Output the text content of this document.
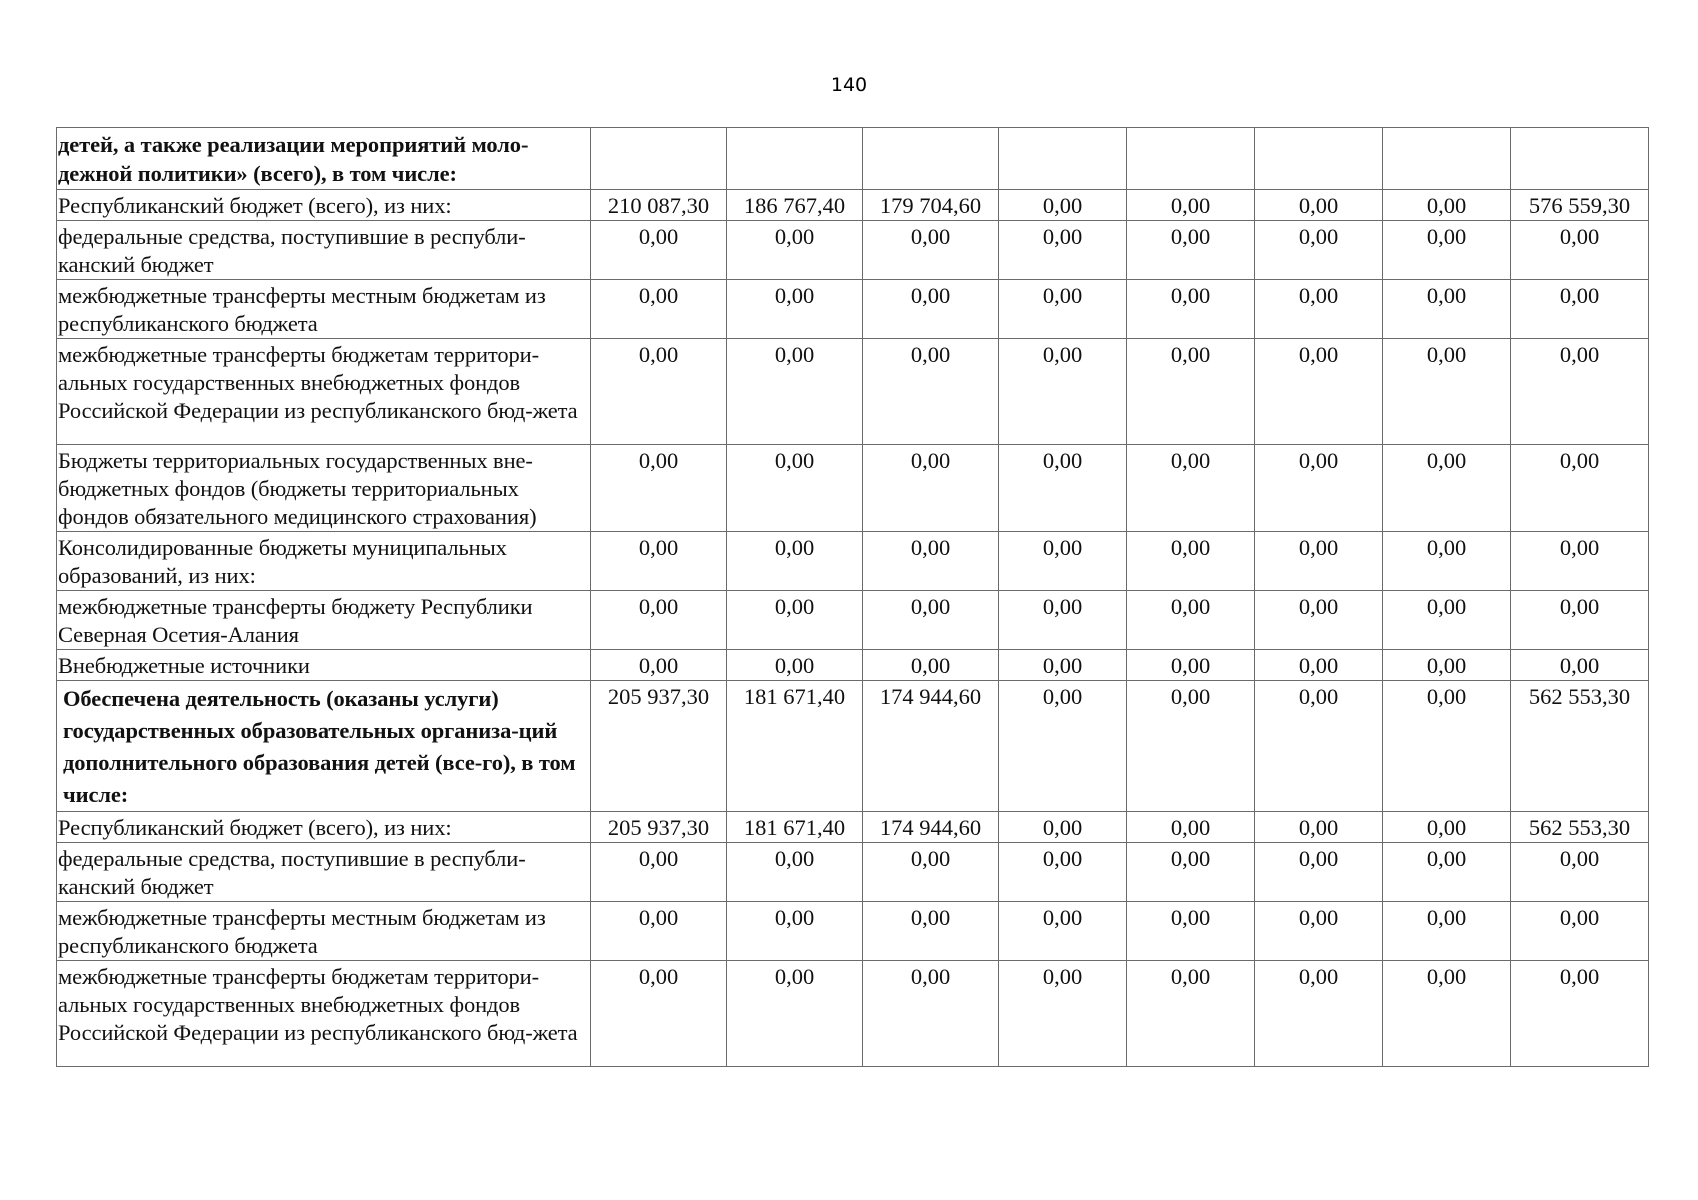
140
детей, а также реализации мероприятий моло-дежной политики» (всего), в том числе:								
Республиканский бюджет (всего), из них:	210 087,30	186 767,40	179 704,60	0,00	0,00	0,00	0,00	576 559,30
федеральные средства, поступившие в республи-канский бюджет	0,00	0,00	0,00	0,00	0,00	0,00	0,00	0,00
межбюджетные трансферты местным бюджетам из республиканского бюджета	0,00	0,00	0,00	0,00	0,00	0,00	0,00	0,00
межбюджетные трансферты бюджетам территори-альных государственных внебюджетных фондов Российской Федерации из республиканского бюд-жета	0,00	0,00	0,00	0,00	0,00	0,00	0,00	0,00
Бюджеты территориальных государственных вне-бюджетных фондов (бюджеты территориальных фондов обязательного медицинского страхования)	0,00	0,00	0,00	0,00	0,00	0,00	0,00	0,00
Консолидированные бюджеты муниципальных образований, из них:	0,00	0,00	0,00	0,00	0,00	0,00	0,00	0,00
межбюджетные трансферты бюджету Республики Северная Осетия-Алания	0,00	0,00	0,00	0,00	0,00	0,00	0,00	0,00
Внебюджетные источники	0,00	0,00	0,00	0,00	0,00	0,00	0,00	0,00
Обеспечена деятельность (оказаны услуги) государственных образовательных организа-ций дополнительного образования детей (все-го), в том числе:	205 937,30	181 671,40	174 944,60	0,00	0,00	0,00	0,00	562 553,30
Республиканский бюджет (всего), из них:	205 937,30	181 671,40	174 944,60	0,00	0,00	0,00	0,00	562 553,30
федеральные средства, поступившие в республи-канский бюджет	0,00	0,00	0,00	0,00	0,00	0,00	0,00	0,00
межбюджетные трансферты местным бюджетам из республиканского бюджета	0,00	0,00	0,00	0,00	0,00	0,00	0,00	0,00
межбюджетные трансферты бюджетам территори-альных государственных внебюджетных фондов Российской Федерации из республиканского бюд-жета	0,00	0,00	0,00	0,00	0,00	0,00	0,00	0,00
